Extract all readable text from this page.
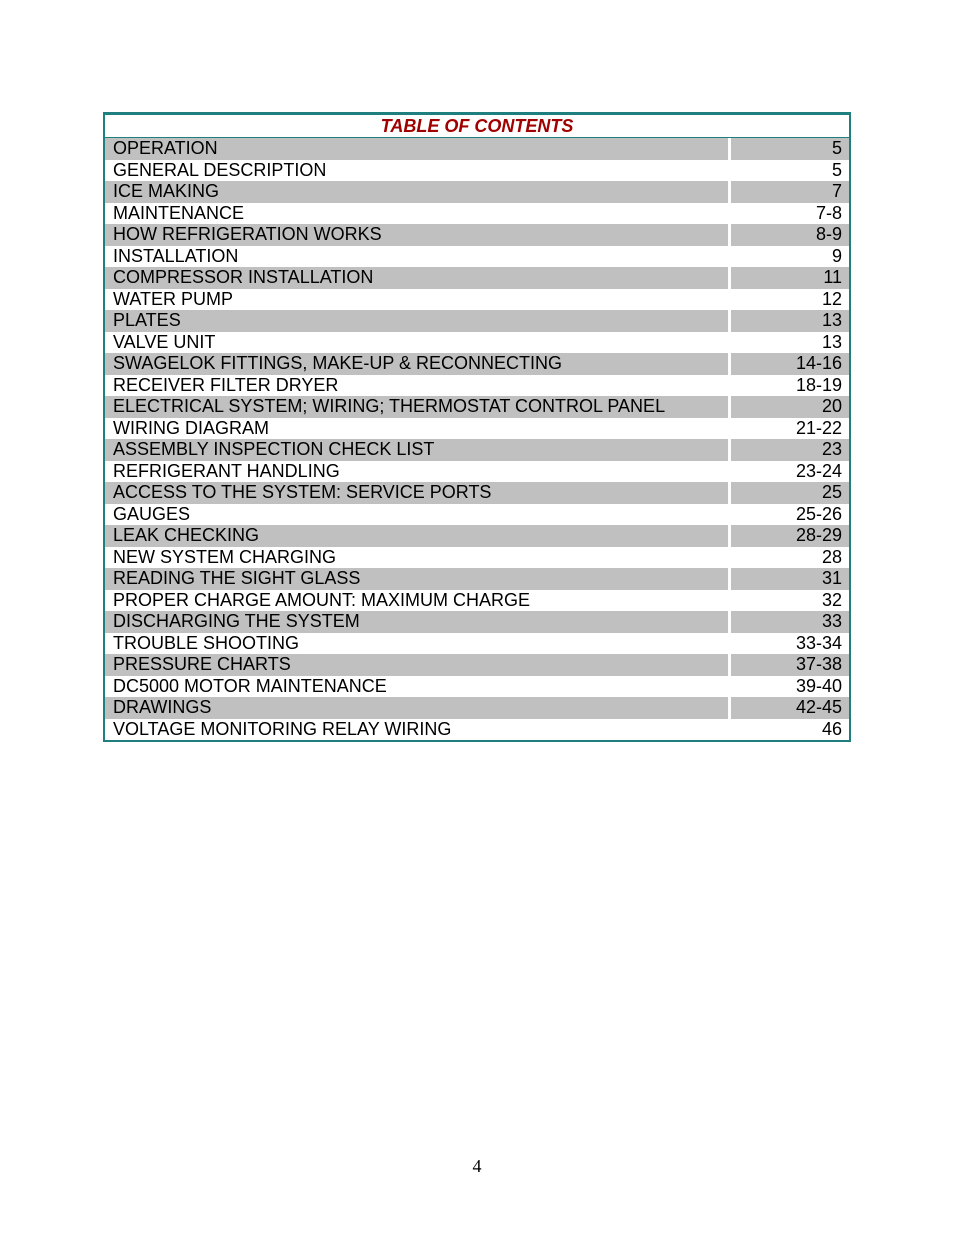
TABLE OF CONTENTS
OPERATION	5
GENERAL DESCRIPTION	5
ICE MAKING	7
MAINTENANCE	7-8
HOW REFRIGERATION WORKS	8-9
INSTALLATION	9
COMPRESSOR INSTALLATION	11
WATER PUMP	12
PLATES	13
VALVE UNIT	13
SWAGELOK FITTINGS, MAKE-UP & RECONNECTING	14-16
RECEIVER FILTER DRYER	18-19
ELECTRICAL SYSTEM; WIRING; THERMOSTAT CONTROL PANEL	20
WIRING DIAGRAM	21-22
ASSEMBLY INSPECTION CHECK LIST	23
REFRIGERANT HANDLING	23-24
ACCESS TO THE SYSTEM: SERVICE PORTS	25
GAUGES	25-26
LEAK CHECKING	28-29
NEW SYSTEM CHARGING	28
READING THE SIGHT GLASS	31
PROPER CHARGE AMOUNT: MAXIMUM CHARGE	32
DISCHARGING THE SYSTEM	33
TROUBLE SHOOTING	33-34
PRESSURE CHARTS	37-38
DC5000 MOTOR MAINTENANCE	39-40
DRAWINGS	42-45
VOLTAGE MONITORING RELAY WIRING	46
4
